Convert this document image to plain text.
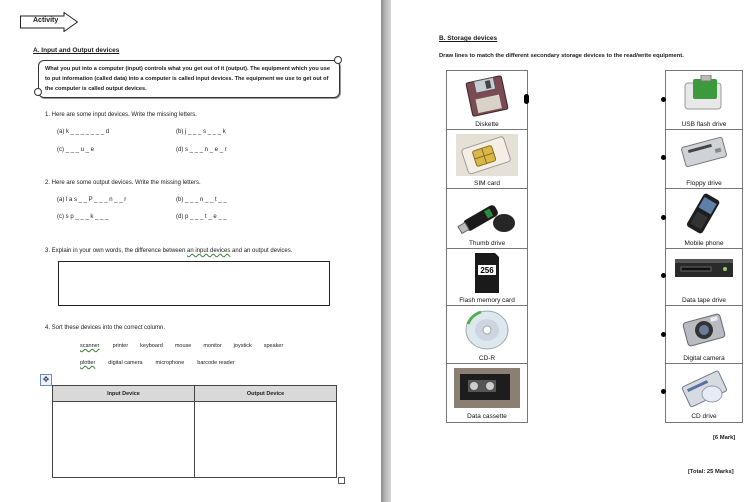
Activity
A. Input and Output devices
What you put into a computer (input) controls what you get out of it (output). The equipment which you use to put information (called data) into a computer is called input devices. The equipment we use to get out of the computer is called output devices.
1. Here are some input devices. Write the missing letters.
(a) k _ _ _ _ _ _ _ d	(b) j _ _ _ s _ _ _ k
(c) _ _ _ u _ e	(d) s _ _ _ n _ e _ r
2. Here are some output devices. Write the missing letters.
(a) l a s _ _ P _ _ _ n _ _ r	(b) _ _ _ n _ _ t _ _
(c) s p _ _ _ k _ _ _	(d) p _ _ _ t _ e _ _
3. Explain in your own words, the difference between an input devices and an output devices.
4. Sort these devices into the correct column.
scanner printer keyboard mouse monitor joystick speaker
plotter digital camera microphone barcode reader
✥
Input Device	Output Device

B. Storage devices
Draw lines to match the different secondary storage devices to the read/write equipment.
Diskette
SIM card
Thumb drive
256
Flash memory card
CD-R
Data cassette
USB flash drive
Floppy drive
Mobile phone
Data tape drive
Digital camera
CD drive
[6 Mark]
[Total: 25 Marks]
